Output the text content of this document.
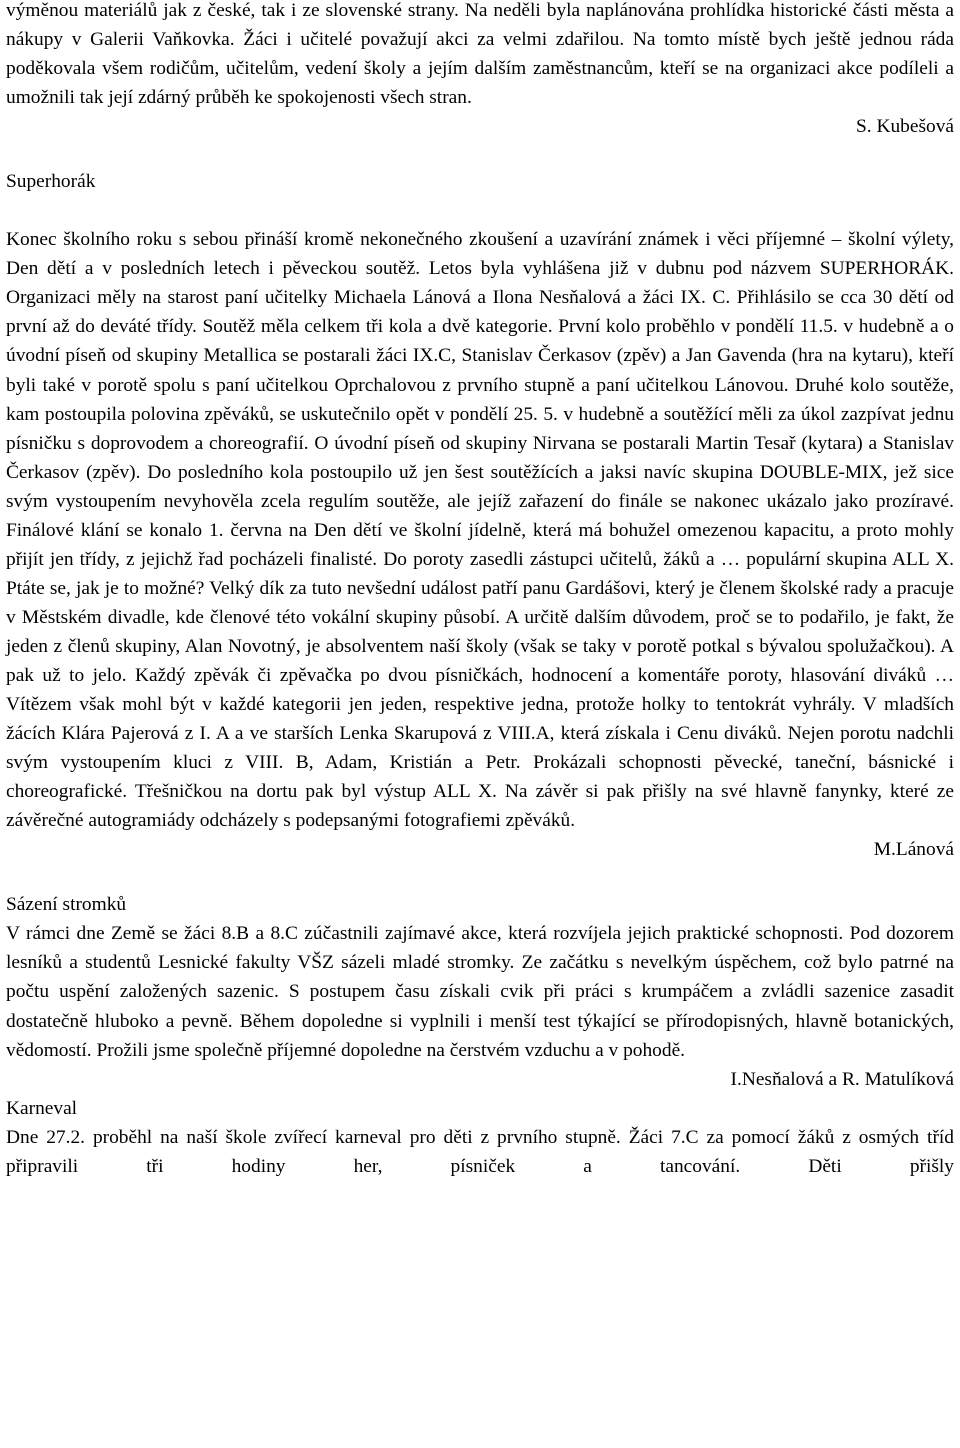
výměnou materiálů jak z české, tak i ze slovenské strany. Na neděli byla naplánována prohlídka historické části města a nákupy v Galerii Vaňkovka. Žáci i učitelé považují akci za velmi zdařilou. Na tomto místě bych ještě jednou ráda poděkovala všem rodičům, učitelům, vedení školy a jejím dalším zaměstnancům, kteří se na organizaci akce podíleli a umožnili tak její zdárný průběh ke spokojenosti všech stran.

S. Kubešová

Superhorák

Konec školního roku s sebou přináší kromě nekonečného zkoušení a uzavírání známek i věci příjemné – školní výlety, Den dětí a v posledních letech i pěveckou soutěž. Letos byla vyhlášena již v dubnu pod názvem SUPERHORÁK. Organizaci měly na starost paní učitelky Michaela Lánová a Ilona Nesňalová a žáci IX. C. Přihlásilo se cca 30 dětí od první až do deváté třídy. Soutěž měla celkem tři kola a dvě kategorie. První kolo proběhlo v pondělí 11.5. v hudebně a o úvodní píseň od skupiny Metallica se postarali žáci IX.C, Stanislav Čerkasov (zpěv) a Jan Gavenda (hra na kytaru), kteří byli také v porotě spolu s paní učitelkou Oprchalovou z prvního stupně a paní učitelkou Lánovou. Druhé kolo soutěže, kam postoupila polovina zpěváků, se uskutečnilo opět v pondělí 25. 5. v hudebně a soutěžící měli za úkol zazpívat jednu písničku s doprovodem a choreografií. O úvodní píseň od skupiny Nirvana se postarali Martin Tesař (kytara) a Stanislav Čerkasov (zpěv). Do posledního kola postoupilo už jen šest soutěžících a jaksi navíc skupina DOUBLE-MIX, jež sice svým vystoupením nevyhověla zcela regulím soutěže, ale jejíž zařazení do finále se nakonec ukázalo jako prozíravé. Finálové klání se konalo 1. června na Den dětí ve školní jídelně, která má bohužel omezenou kapacitu, a proto mohly přijít jen třídy, z jejichž řad pocházeli finalisté. Do poroty zasedli zástupci učitelů, žáků a … populární skupina ALL X. Ptáte se, jak je to možné? Velký dík za tuto nevšední událost patří panu Gardášovi, který je členem školské rady a pracuje v Městském divadle, kde členové této vokální skupiny působí. A určitě dalším důvodem, proč se to podařilo, je fakt, že jeden z členů skupiny, Alan Novotný, je absolventem naší školy (však se taky v porotě potkal s bývalou spolužačkou). A pak už to jelo. Každý zpěvák či zpěvačka po dvou písničkách, hodnocení a komentáře poroty, hlasování diváků … Vítězem však mohl být v každé kategorii jen jeden, respektive jedna, protože holky to tentokrát vyhrály. V mladších žácích Klára Pajerová z I. A a ve starších Lenka Skarupová z VIII.A, která získala i Cenu diváků. Nejen porotu nadchli svým vystoupením kluci z VIII. B, Adam, Kristián a Petr. Prokázali schopnosti pěvecké, taneční, básnické i choreografické. Třešničkou na dortu pak byl výstup ALL X. Na závěr si pak přišly na své hlavně fanynky, které ze závěrečné autogramiády odcházely s podepsanými fotografiemi zpěváků.

M.Lánová

Sázení stromků

V rámci dne Země se žáci 8.B a 8.C zúčastnili zajímavé akce, která rozvíjela jejich praktické schopnosti. Pod dozorem lesníků a studentů Lesnické fakulty VŠZ sázeli mladé stromky. Ze začátku s nevelkým úspěchem, což bylo patrné na počtu uspění založených sazenic. S postupem času získali cvik při práci s krumpáčem a zvládli sazenice zasadit dostatečně hluboko a pevně. Během dopoledne si vyplnili i menší test týkající se přírodopisných, hlavně botanických, vědomostí. Prožili jsme společně příjemné dopoledne na čerstvém vzduchu a v pohodě.

I.Nesňalová a R. Matulíková

Karneval

Dne 27.2. proběhl na naší škole zvířecí karneval pro děti z prvního stupně. Žáci 7.C za pomocí žáků z osmých tříd připravili tři hodiny her, písniček a tancování. Děti přišly
